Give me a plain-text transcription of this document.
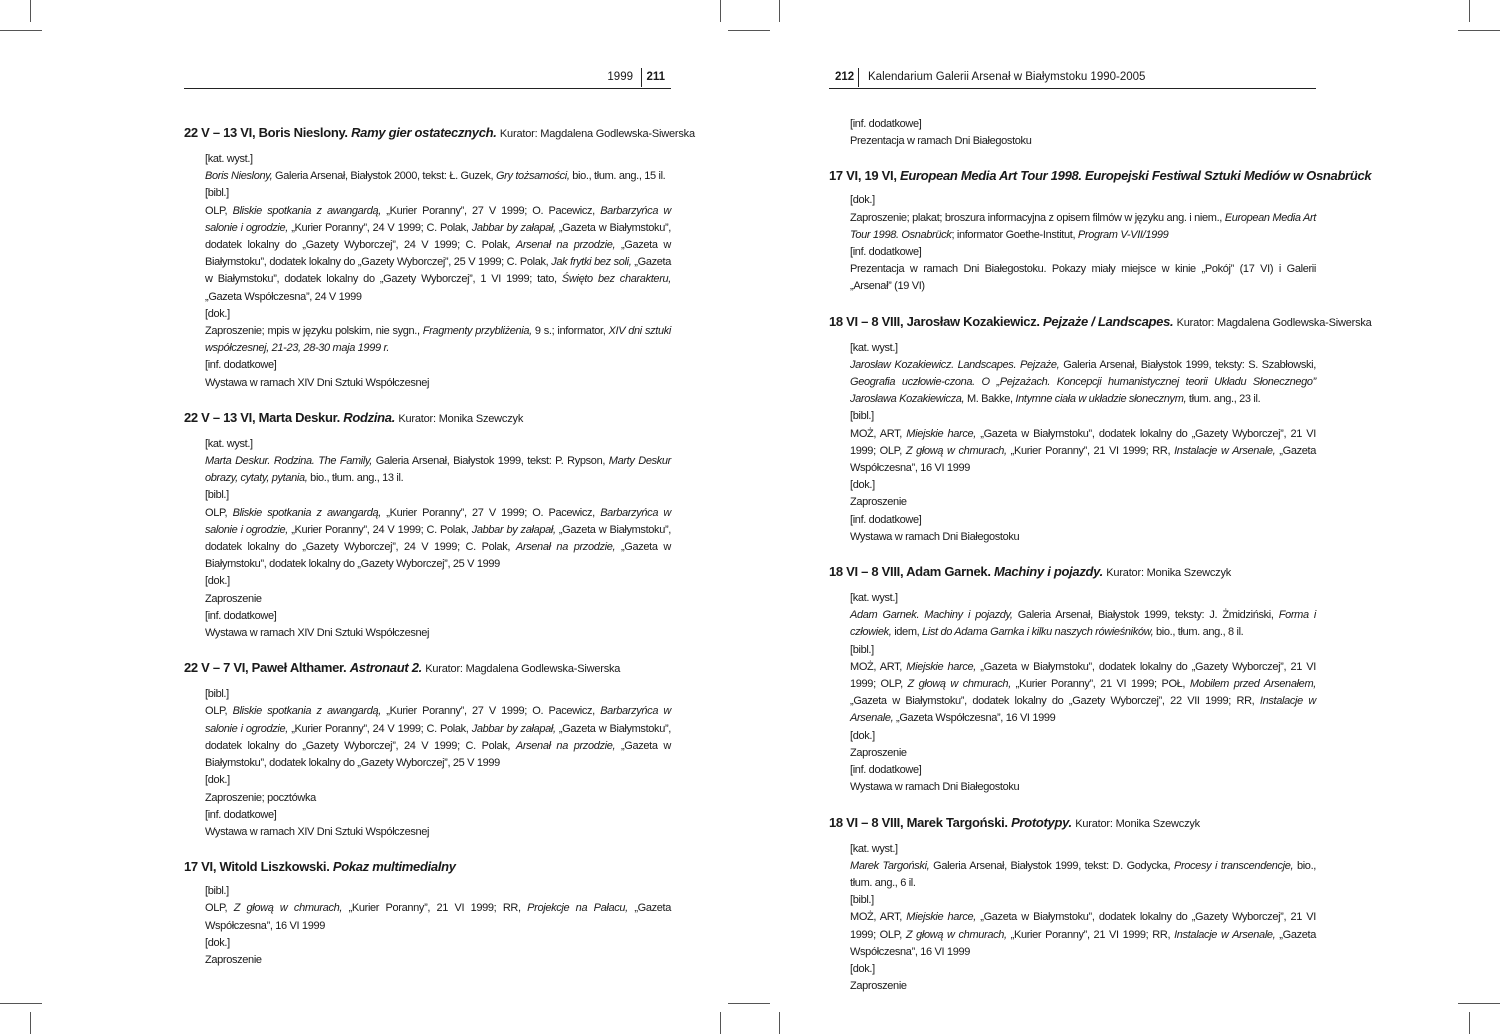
1999 211
22 V – 13 VI, Boris Nieslony. Ramy gier ostatecznych. Kurator: Magdalena Godlewska-Siwerska
[kat. wyst.]
Boris Nieslony, Galeria Arsenał, Białystok 2000, tekst: Ł. Guzek, Gry tożsamości, bio., tłum. ang., 15 il.
[bibl.]
OLP, Bliskie spotkania z awangardą, „Kurier Poranny”, 27 V 1999; O. Pacewicz, Barbarzyńca w salonie i ogrodzie, „Kurier Poranny”, 24 V 1999; C. Polak, Jabbar by załapał, „Gazeta w Białymstoku”, dodatek lokalny do „Gazety Wyborczej”, 24 V 1999; C. Polak, Arsenał na przodzie, „Gazeta w Białymstoku”, dodatek lokalny do „Gazety Wyborczej”, 25 V 1999; C. Polak, Jak frytki bez soli, „Gazeta w Białymstoku”, dodatek lokalny do „Gazety Wyborczej”, 1 VI 1999; tato, Święto bez charakteru, „Gazeta Współczesna”, 24 V 1999
[dok.]
Zaproszenie; mpis w języku polskim, nie sygn., Fragmenty przybliżenia, 9 s.; informator, XIV dni sztuki współczesnej, 21-23, 28-30 maja 1999 r.
[inf. dodatkowe]
Wystawa w ramach XIV Dni Sztuki Współczesnej
22 V – 13 VI, Marta Deskur. Rodzina. Kurator: Monika Szewczyk
[kat. wyst.]
Marta Deskur. Rodzina. The Family, Galeria Arsenał, Białystok 1999, tekst: P. Rypson, Marty Deskur obrazy, cytaty, pytania, bio., tłum. ang., 13 il.
[bibl.]
OLP, Bliskie spotkania z awangardą, „Kurier Poranny”, 27 V 1999; O. Pacewicz, Barbarzyńca w salonie i ogrodzie, „Kurier Poranny”, 24 V 1999; C. Polak, Jabbar by załapał, „Gazeta w Białymstoku”, dodatek lokalny do „Gazety Wyborczej”, 24 V 1999; C. Polak, Arsenał na przodzie, „Gazeta w Białymstoku”, dodatek lokalny do „Gazety Wyborczej”, 25 V 1999
[dok.]
Zaproszenie
[inf. dodatkowe]
Wystawa w ramach XIV Dni Sztuki Współczesnej
22 V – 7 VI, Paweł Althamer. Astronaut 2. Kurator: Magdalena Godlewska-Siwerska
[bibl.]
OLP, Bliskie spotkania z awangardą, „Kurier Poranny”, 27 V 1999; O. Pacewicz, Barbarzyńca w salonie i ogrodzie, „Kurier Poranny”, 24 V 1999; C. Polak, Jabbar by załapał, „Gazeta w Białymstoku”, dodatek lokalny do „Gazety Wyborczej”, 24 V 1999; C. Polak, Arsenał na przodzie, „Gazeta w Białymstoku”, dodatek lokalny do „Gazety Wyborczej”, 25 V 1999
[dok.]
Zaproszenie; pocztówka
[inf. dodatkowe]
Wystawa w ramach XIV Dni Sztuki Współczesnej
17 VI, Witold Liszkowski. Pokaz multimedialny
[bibl.]
OLP, Z głową w chmurach, „Kurier Poranny”, 21 VI 1999; RR, Projekcje na Pałacu, „Gazeta Współczesna”, 16 VI 1999
[dok.]
Zaproszenie
212 Kalendarium Galerii Arsenał w Białymstoku 1990-2005
[inf. dodatkowe]
Prezentacja w ramach Dni Białegostoku
17 VI, 19 VI, European Media Art Tour 1998. Europejski Festiwal Sztuki Mediów w Osnabrück
[dok.]
Zaproszenie; plakat; broszura informacyjna z opisem filmów w języku ang. i niem., European Media Art Tour 1998. Osnabrück; informator Goethe-Institut, Program V-VII/1999
[inf. dodatkowe]
Prezentacja w ramach Dni Białegostoku. Pokazy miały miejsce w kinie „Pokój” (17 VI) i Galerii „Arsenał” (19 VI)
18 VI – 8 VIII, Jarosław Kozakiewicz. Pejzaże / Landscapes. Kurator: Magdalena Godlewska-Siwerska
[kat. wyst.]
Jarosław Kozakiewicz. Landscapes. Pejzaże, Galeria Arsenał, Białystok 1999, teksty: S. Szabłowski, Geografia uczłowie-czona. O „Pejzażach. Koncepcji humanistycznej teorii Układu Słonecznego” Jarosława Kozakiewicza, M. Bakke, Intymne ciała w układzie słonecznym, tłum. ang., 23 il.
[bibl.]
MOŻ, ART, Miejskie harce, „Gazeta w Białymstoku”, dodatek lokalny do „Gazety Wyborczej”, 21 VI 1999; OLP, Z głową w chmurach, „Kurier Poranny”, 21 VI 1999; RR, Instalacje w Arsenale, „Gazeta Współczesna”, 16 VI 1999
[dok.]
Zaproszenie
[inf. dodatkowe]
Wystawa w ramach Dni Białegostoku
18 VI – 8 VIII, Adam Garnek. Machiny i pojazdy. Kurator: Monika Szewczyk
[kat. wyst.]
Adam Garnek. Machiny i pojazdy, Galeria Arsenał, Białystok 1999, teksty: J. Żmidziński, Forma i człowiek, idem, List do Adama Garnka i kilku naszych rówieśników, bio., tłum. ang., 8 il.
[bibl.]
MOŻ, ART, Miejskie harce, „Gazeta w Białymstoku”, dodatek lokalny do „Gazety Wyborczej”, 21 VI 1999; OLP, Z głową w chmurach, „Kurier Poranny”, 21 VI 1999; POŁ, Mobilem przed Arsenałem, „Gazeta w Białymstoku”, dodatek lokalny do „Gazety Wyborczej”, 22 VII 1999; RR, Instalacje w Arsenale, „Gazeta Współczesna”, 16 VI 1999
[dok.]
Zaproszenie
[inf. dodatkowe]
Wystawa w ramach Dni Białegostoku
18 VI – 8 VIII, Marek Targoński. Prototypy. Kurator: Monika Szewczyk
[kat. wyst.]
Marek Targoński, Galeria Arsenał, Białystok 1999, tekst: D. Godycka, Procesy i transcendencje, bio., tłum. ang., 6 il.
[bibl.]
MOŻ, ART, Miejskie harce, „Gazeta w Białymstoku”, dodatek lokalny do „Gazety Wyborczej”, 21 VI 1999; OLP, Z głową w chmurach, „Kurier Poranny”, 21 VI 1999; RR, Instalacje w Arsenale, „Gazeta Współczesna”, 16 VI 1999
[dok.]
Zaproszenie
